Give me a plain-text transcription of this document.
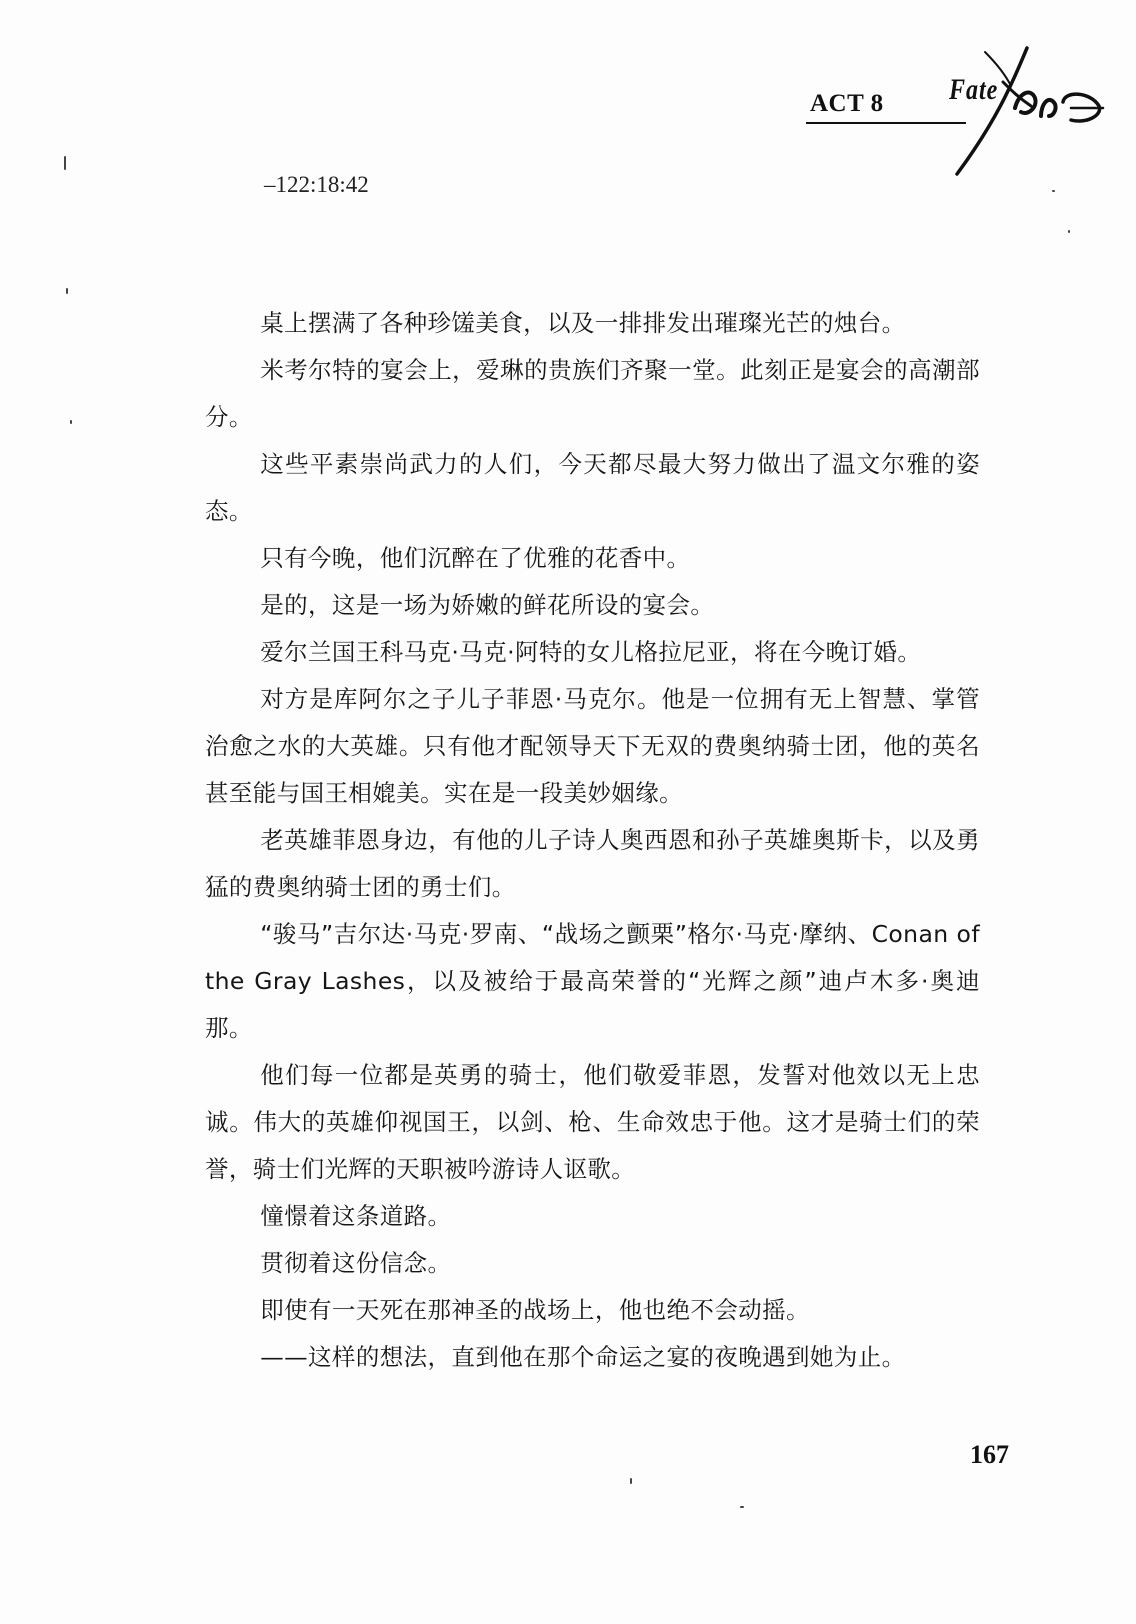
ACT 8	Fate
–122:18:42

桌上摆满了各种珍馐美食，以及一排排发出璀璨光芒的烛台。

米考尔特的宴会上，爱琳的贵族们齐聚一堂。此刻正是宴会的高潮部分。

这些平素崇尚武力的人们，今天都尽最大努力做出了温文尔雅的姿态。

只有今晚，他们沉醉在了优雅的花香中。

是的，这是一场为娇嫩的鲜花所设的宴会。

爱尔兰国王科马克·马克·阿特的女儿格拉尼亚，将在今晚订婚。

对方是库阿尔之子儿子菲恩·马克尔。他是一位拥有无上智慧、掌管治愈之水的大英雄。只有他才配领导天下无双的费奥纳骑士团，他的英名甚至能与国王相媲美。实在是一段美妙姻缘。

老英雄菲恩身边，有他的儿子诗人奥西恩和孙子英雄奥斯卡，以及勇猛的费奥纳骑士团的勇士们。

“骏马”吉尔达·马克·罗南、“战场之颤栗”格尔·马克·摩纳、Conan of the Gray Lashes，以及被给于最高荣誉的“光辉之颜”迪卢木多·奥迪那。

他们每一位都是英勇的骑士，他们敬爱菲恩，发誓对他效以无上忠诚。伟大的英雄仰视国王，以剑、枪、生命效忠于他。这才是骑士们的荣誉，骑士们光辉的天职被吟游诗人讴歌。

憧憬着这条道路。

贯彻着这份信念。

即使有一天死在那神圣的战场上，他也绝不会动摇。

——这样的想法，直到他在那个命运之宴的夜晚遇到她为止。

167
